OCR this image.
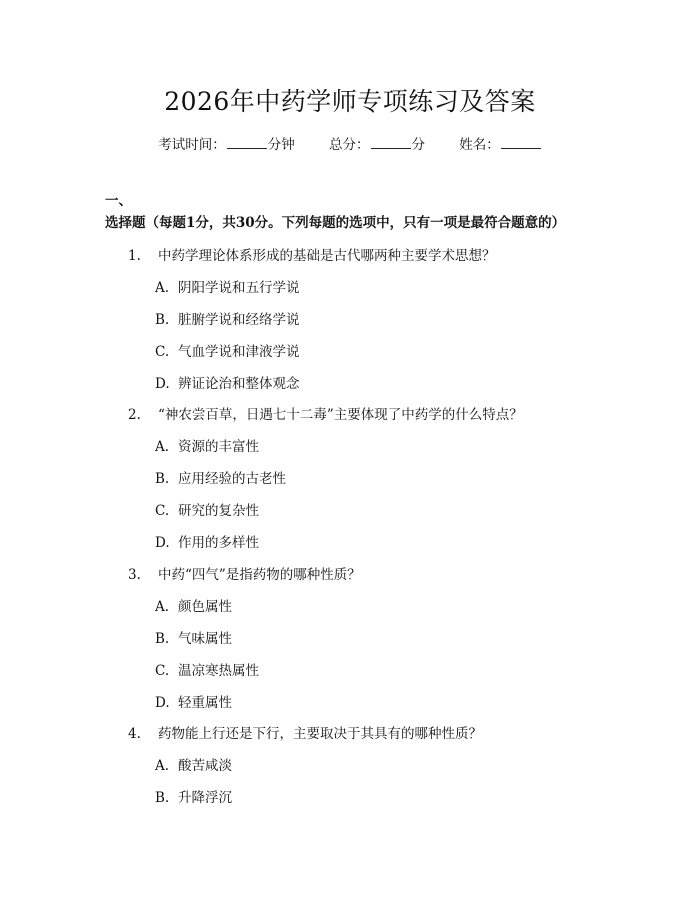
2026年中药学师专项练习及答案
考试时间：	分钟	总分：	分	姓名：
一、选择题（每题1分，共30分。下列每题的选项中，只有一项是最符合题意的）
1. 中药学理论体系形成的基础是古代哪两种主要学术思想？
A. 阴阳学说和五行学说
B. 脏腑学说和经络学说
C. 气血学说和津液学说
D. 辨证论治和整体观念
2. “神农尝百草，日遇七十二毒”主要体现了中药学的什么特点？
A. 资源的丰富性
B. 应用经验的古老性
C. 研究的复杂性
D. 作用的多样性
3. 中药“四气”是指药物的哪种性质？
A. 颜色属性
B. 气味属性
C. 温凉寒热属性
D. 轻重属性
4. 药物能上行还是下行，主要取决于其具有的哪种性质？
A. 酸苦咸淡
B. 升降浮沉
